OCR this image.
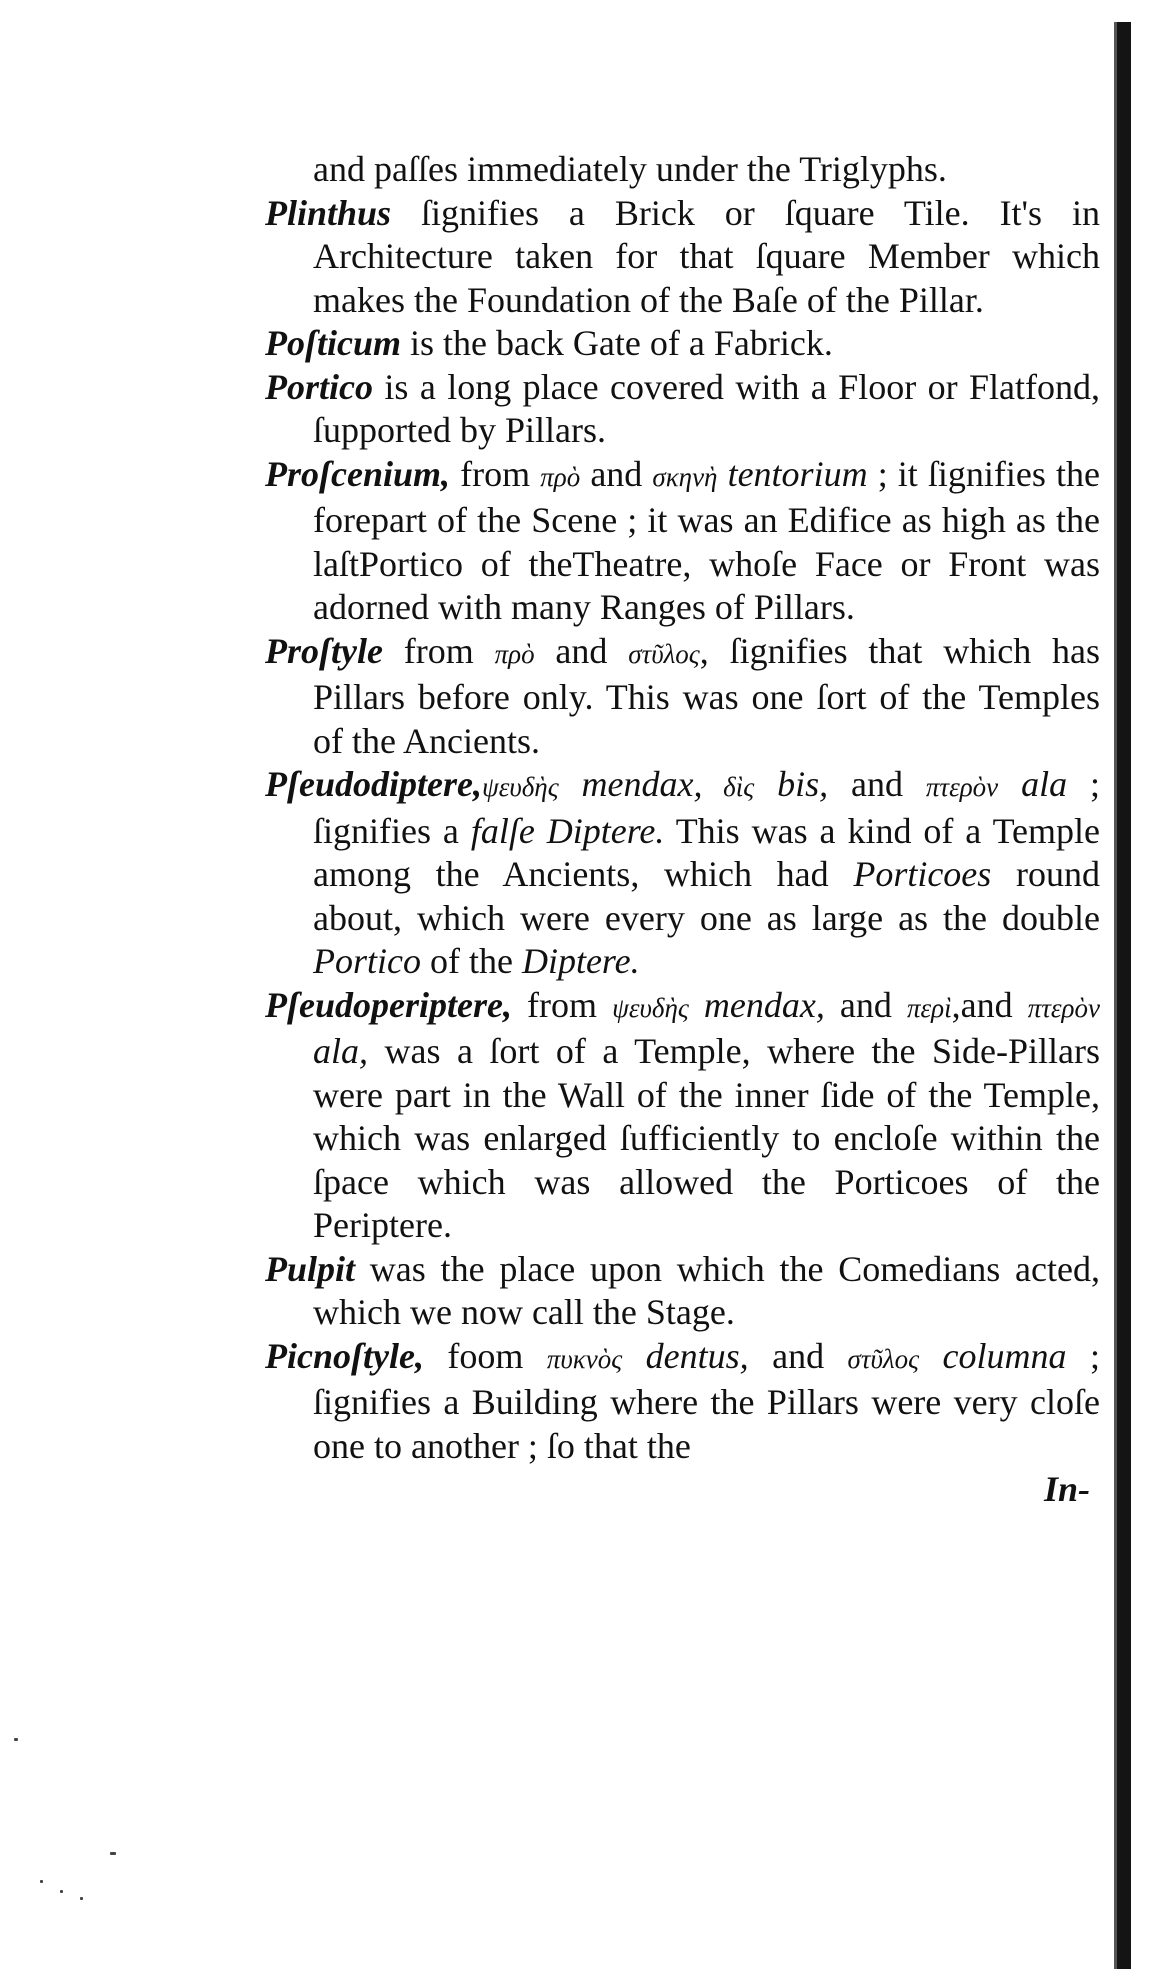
and paſſes immediately under the Triglyphs.

Plinthus ſignifies a Brick or ſquare Tile. It's in Architecture taken for that ſquare Member which makes the Foundation of the Baſe of the Pillar.

Poſticum is the back Gate of a Fabrick.

Portico is a long place covered with a Floor or Flatfond, ſupported by Pillars.

Proſcenium, from πρὸ and σκηνὴ tentorium ; it ſignifies the forepart of the Scene ; it was an Edifice as high as the laſtPortico of theTheatre, whoſe Face or Front was adorned with many Ranges of Pillars.

Proſtyle from πρὸ and στῦλος, ſignifies that which has Pillars before only. This was one ſort of the Temples of the Ancients.

Pſeudodiptere,ψευδὴς mendax, δὶς bis, and πτερὸν ala ; ſignifies a falſe Diptere. This was a kind of a Temple among the Ancients, which had Porticoes round about, which were every one as large as the double Portico of the Diptere.

Pſeudoperiptere, from ψευδὴς mendax, and περὶ,and πτερὸν ala, was a ſort of a Temple, where the Side-Pillars were part in the Wall of the inner ſide of the Temple, which was enlarged ſufficiently to encloſe within the ſpace which was allowed the Porticoes of the Periptere.

Pulpit was the place upon which the Comedians acted, which we now call the Stage.

Picnoſtyle, foom πυκνὸς dentus, and στῦλος columna ; ſignifies a Building where the Pillars were very cloſe one to another ; ſo that the

In-
